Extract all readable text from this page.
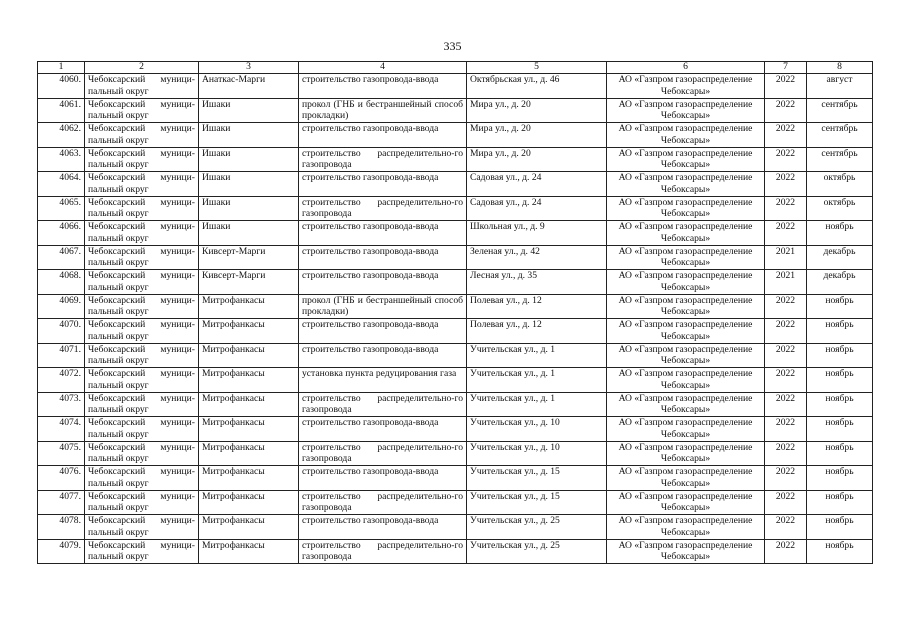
335
1	2	3	4	5	6	7	8
4060.	Чебоксарский муници-пальный округ	Анаткас-Марги	строительство газопровода-ввода	Октябрьская ул., д. 46	АО «Газпром газораспределение Чебоксары»	2022	август
4061.	Чебоксарский муници-пальный округ	Ишаки	прокол (ГНБ и бестраншейный способ прокладки)	Мира ул., д. 20	АО «Газпром газораспределение Чебоксары»	2022	сентябрь
4062.	Чебоксарский муници-пальный округ	Ишаки	строительство газопровода-ввода	Мира ул., д. 20	АО «Газпром газораспределение Чебоксары»	2022	сентябрь
4063.	Чебоксарский муници-пальный округ	Ишаки	строительство распределительно-го газопровода	Мира ул., д. 20	АО «Газпром газораспределение Чебоксары»	2022	сентябрь
4064.	Чебоксарский муници-пальный округ	Ишаки	строительство газопровода-ввода	Садовая ул., д. 24	АО «Газпром газораспределение Чебоксары»	2022	октябрь
4065.	Чебоксарский муници-пальный округ	Ишаки	строительство распределительно-го газопровода	Садовая ул., д. 24	АО «Газпром газораспределение Чебоксары»	2022	октябрь
4066.	Чебоксарский муници-пальный округ	Ишаки	строительство газопровода-ввода	Школьная ул., д. 9	АО «Газпром газораспределение Чебоксары»	2022	ноябрь
4067.	Чебоксарский муници-пальный округ	Кивсерт-Марги	строительство газопровода-ввода	Зеленая ул., д. 42	АО «Газпром газораспределение Чебоксары»	2021	декабрь
4068.	Чебоксарский муници-пальный округ	Кивсерт-Марги	строительство газопровода-ввода	Лесная ул., д. 35	АО «Газпром газораспределение Чебоксары»	2021	декабрь
4069.	Чебоксарский муници-пальный округ	Митрофанкасы	прокол (ГНБ и бестраншейный способ прокладки)	Полевая ул., д. 12	АО «Газпром газораспределение Чебоксары»	2022	ноябрь
4070.	Чебоксарский муници-пальный округ	Митрофанкасы	строительство газопровода-ввода	Полевая ул., д. 12	АО «Газпром газораспределение Чебоксары»	2022	ноябрь
4071.	Чебоксарский муници-пальный округ	Митрофанкасы	строительство газопровода-ввода	Учительская ул., д. 1	АО «Газпром газораспределение Чебоксары»	2022	ноябрь
4072.	Чебоксарский муници-пальный округ	Митрофанкасы	установка пункта редуцирования газа	Учительская ул., д. 1	АО «Газпром газораспределение Чебоксары»	2022	ноябрь
4073.	Чебоксарский муници-пальный округ	Митрофанкасы	строительство распределительно-го газопровода	Учительская ул., д. 1	АО «Газпром газораспределение Чебоксары»	2022	ноябрь
4074.	Чебоксарский муници-пальный округ	Митрофанкасы	строительство газопровода-ввода	Учительская ул., д. 10	АО «Газпром газораспределение Чебоксары»	2022	ноябрь
4075.	Чебоксарский муници-пальный округ	Митрофанкасы	строительство распределительно-го газопровода	Учительская ул., д. 10	АО «Газпром газораспределение Чебоксары»	2022	ноябрь
4076.	Чебоксарский муници-пальный округ	Митрофанкасы	строительство газопровода-ввода	Учительская ул., д. 15	АО «Газпром газораспределение Чебоксары»	2022	ноябрь
4077.	Чебоксарский муници-пальный округ	Митрофанкасы	строительство распределительно-го газопровода	Учительская ул., д. 15	АО «Газпром газораспределение Чебоксары»	2022	ноябрь
4078.	Чебоксарский муници-пальный округ	Митрофанкасы	строительство газопровода-ввода	Учительская ул., д. 25	АО «Газпром газораспределение Чебоксары»	2022	ноябрь
4079.	Чебоксарский муници-пальный округ	Митрофанкасы	строительство распределительно-го газопровода	Учительская ул., д. 25	АО «Газпром газораспределение Чебоксары»	2022	ноябрь
